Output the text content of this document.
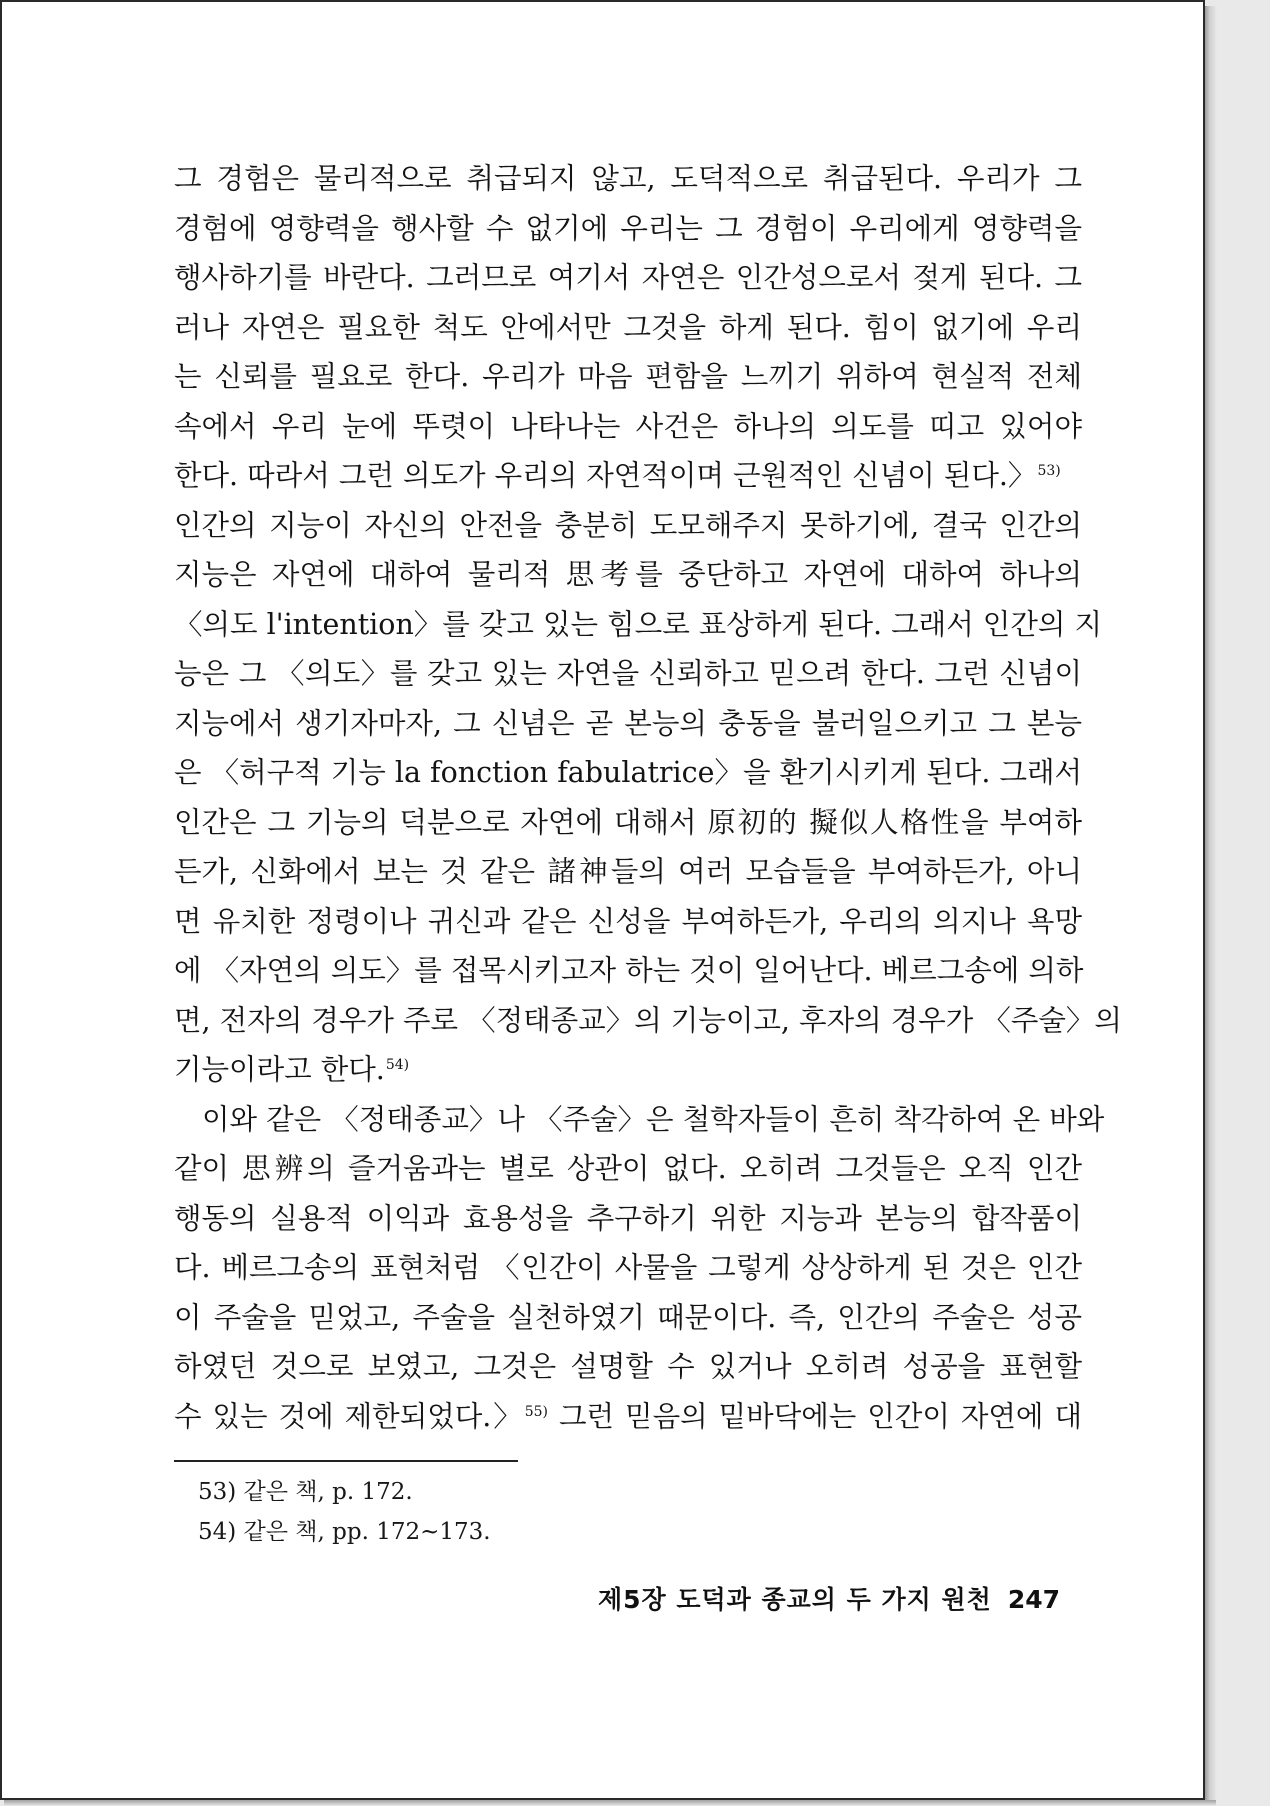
그 경험은 물리적으로 취급되지 않고, 도덕적으로 취급된다. 우리가 그
경험에 영향력을 행사할 수 없기에 우리는 그 경험이 우리에게 영향력을
행사하기를 바란다. 그러므로 여기서 자연은 인간성으로서 젖게 된다. 그
러나 자연은 필요한 척도 안에서만 그것을 하게 된다. 힘이 없기에 우리
는 신뢰를 필요로 한다. 우리가 마음 편함을 느끼기 위하여 현실적 전체
속에서 우리 눈에 뚜렷이 나타나는 사건은 하나의 의도를 띠고 있어야
한다. 따라서 그런 의도가 우리의 자연적이며 근원적인 신념이 된다.〉$^{53)}$
인간의 지능이 자신의 안전을 충분히 도모해주지 못하기에, 결국 인간의
지능은 자연에 대하여 물리적 思考를 중단하고 자연에 대하여 하나의
〈의도 l'intention〉를 갖고 있는 힘으로 표상하게 된다. 그래서 인간의 지
능은 그 〈의도〉를 갖고 있는 자연을 신뢰하고 믿으려 한다. 그런 신념이
지능에서 생기자마자, 그 신념은 곧 본능의 충동을 불러일으키고 그 본능
은 〈허구적 기능 la fonction fabulatrice〉을 환기시키게 된다. 그래서
인간은 그 기능의 덕분으로 자연에 대해서 原初的 擬似人格性을 부여하
든가, 신화에서 보는 것 같은 諸神들의 여러 모습들을 부여하든가, 아니
면 유치한 정령이나 귀신과 같은 신성을 부여하든가, 우리의 의지나 욕망
에 〈자연의 의도〉를 접목시키고자 하는 것이 일어난다. 베르그송에 의하
면, 전자의 경우가 주로 〈정태종교〉의 기능이고, 후자의 경우가 〈주술〉의
기능이라고 한다.$^{54)}$
이와 같은 〈정태종교〉나 〈주술〉은 철학자들이 흔히 착각하여 온 바와
같이 思辨의 즐거움과는 별로 상관이 없다. 오히려 그것들은 오직 인간
행동의 실용적 이익과 효용성을 추구하기 위한 지능과 본능의 합작품이
다. 베르그송의 표현처럼 〈인간이 사물을 그렇게 상상하게 된 것은 인간
이 주술을 믿었고, 주술을 실천하였기 때문이다. 즉, 인간의 주술은 성공
하였던 것으로 보였고, 그것은 설명할 수 있거나 오히려 성공을 표현할
수 있는 것에 제한되었다.〉$^{55)}$ 그런 믿음의 밑바닥에는 인간이 자연에 대
53) 같은 책, p. 172.
54) 같은 책, pp. 172~173.
제5장 도덕과 종교의 두 가지 원천 247
